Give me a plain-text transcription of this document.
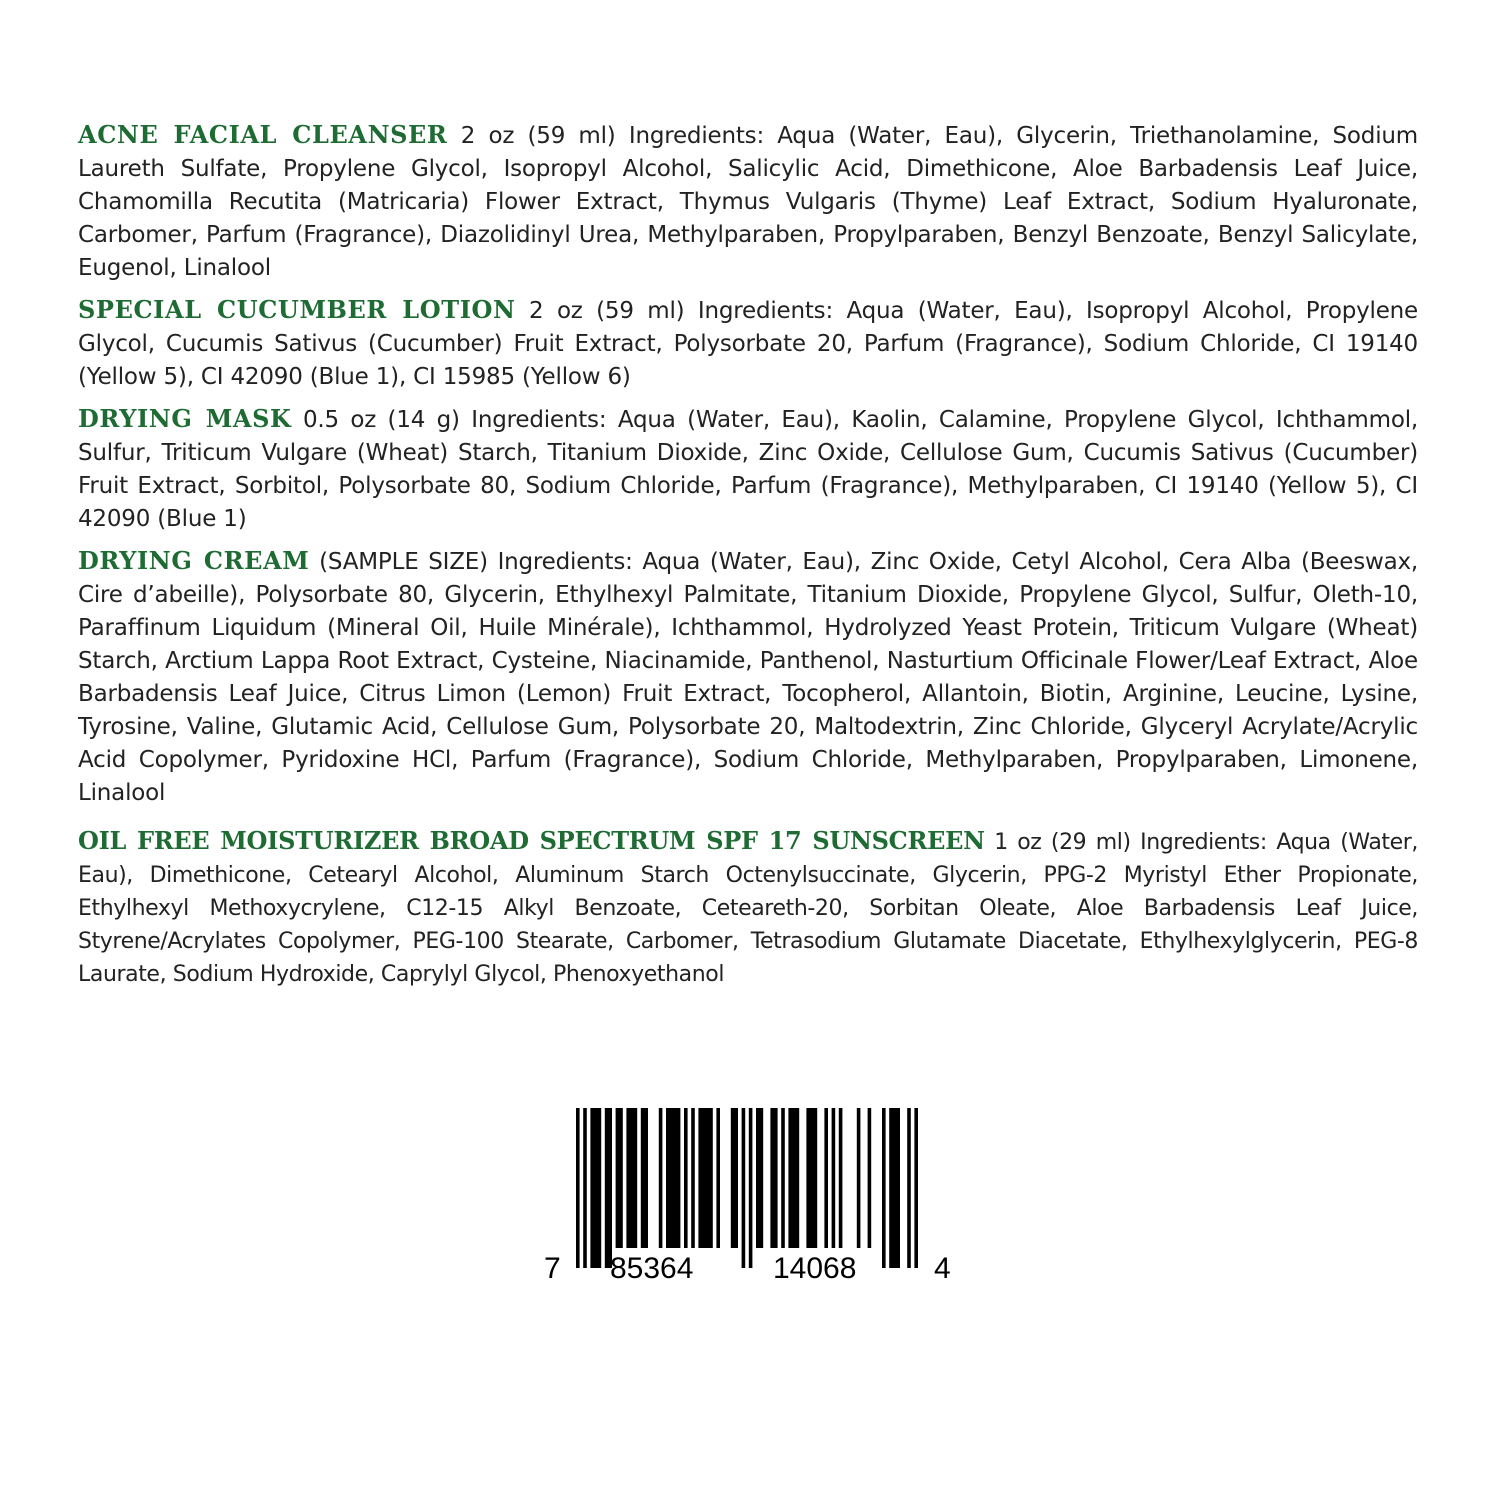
ACNE FACIAL CLEANSER 2 oz (59 ml) Ingredients: Aqua (Water, Eau), Glycerin, Triethanolamine, Sodium Laureth Sulfate, Propylene Glycol, Isopropyl Alcohol, Salicylic Acid, Dimethicone, Aloe Barbadensis Leaf Juice, Chamomilla Recutita (Matricaria) Flower Extract, Thymus Vulgaris (Thyme) Leaf Extract, Sodium Hyaluronate, Carbomer, Parfum (Fragrance), Diazolidinyl Urea, Methylparaben, Propylparaben, Benzyl Benzoate, Benzyl Salicylate, Eugenol, Linalool

SPECIAL CUCUMBER LOTION 2 oz (59 ml) Ingredients: Aqua (Water, Eau), Isopropyl Alcohol, Propylene Glycol, Cucumis Sativus (Cucumber) Fruit Extract, Polysorbate 20, Parfum (Fragrance), Sodium Chloride, CI 19140 (Yellow 5), CI 42090 (Blue 1), CI 15985 (Yellow 6)

DRYING MASK 0.5 oz (14 g) Ingredients: Aqua (Water, Eau), Kaolin, Calamine, Propylene Glycol, Ichthammol, Sulfur, Triticum Vulgare (Wheat) Starch, Titanium Dioxide, Zinc Oxide, Cellulose Gum, Cucumis Sativus (Cucumber) Fruit Extract, Sorbitol, Polysorbate 80, Sodium Chloride, Parfum (Fragrance), Methylparaben, CI 19140 (Yellow 5), CI 42090 (Blue 1)

DRYING CREAM (SAMPLE SIZE) Ingredients: Aqua (Water, Eau), Zinc Oxide, Cetyl Alcohol, Cera Alba (Beeswax, Cire d’abeille), Polysorbate 80, Glycerin, Ethylhexyl Palmitate, Titanium Dioxide, Propylene Glycol, Sulfur, Oleth-10, Paraffinum Liquidum (Mineral Oil, Huile Minérale), Ichthammol, Hydrolyzed Yeast Protein, Triticum Vulgare (Wheat) Starch, Arctium Lappa Root Extract, Cysteine, Niacinamide, Panthenol, Nasturtium Officinale Flower/Leaf Extract, Aloe Barbadensis Leaf Juice, Citrus Limon (Lemon) Fruit Extract, Tocopherol, Allantoin, Biotin, Arginine, Leucine, Lysine, Tyrosine, Valine, Glutamic Acid, Cellulose Gum, Polysorbate 20, Maltodextrin, Zinc Chloride, Glyceryl Acrylate/Acrylic Acid Copolymer, Pyridoxine HCl, Parfum (Fragrance), Sodium Chloride, Methylparaben, Propylparaben, Limonene, Linalool

OIL FREE MOISTURIZER BROAD SPECTRUM SPF 17 SUNSCREEN 1 oz (29 ml) Ingredients: Aqua (Water, Eau), Dimethicone, Cetearyl Alcohol, Aluminum Starch Octenylsuccinate, Glycerin, PPG-2 Myristyl Ether Propionate, Ethylhexyl Methoxycrylene, C12-15 Alkyl Benzoate, Ceteareth-20, Sorbitan Oleate, Aloe Barbadensis Leaf Juice, Styrene/Acrylates Copolymer, PEG-100 Stearate, Carbomer, Tetrasodium Glutamate Diacetate, Ethylhexylglycerin, PEG-8 Laurate, Sodium Hydroxide, Caprylyl Glycol, Phenoxyethanol

7 85364	14068	4
